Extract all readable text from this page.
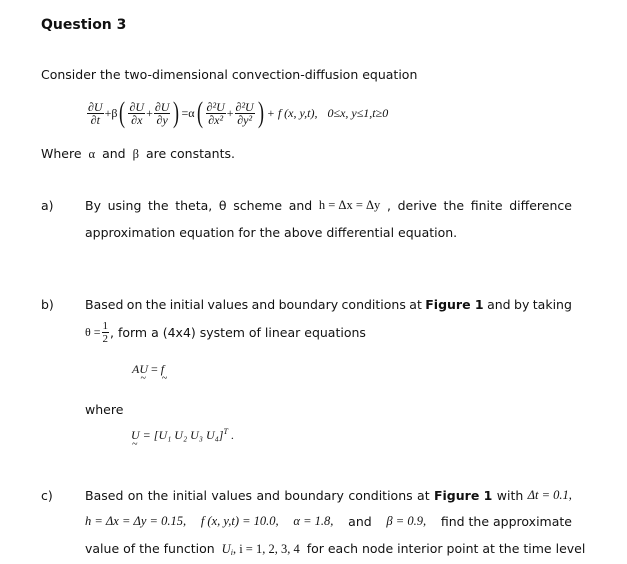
Question 3
Consider the two-dimensional convection-diffusion equation
$\frac{\partial U}{\partial t} +\beta$ ( $\frac{\partial U}{\partial x} + \frac{\partial U}{\partial y}$ ) =α ( $\frac{\text{∂²U}}{\text{∂x²}} + \frac{\text{∂²U}}{\text{∂y²}}$ ) + f (x, y,t), 0≤x, y≤1,t≥0
Where α and β are constants.
a)	By using the theta, θ scheme and h = Δx = Δy , derive the finite difference
approximation equation for the above differential equation.
b) Based on the initial values and boundary conditions at Figure 1 and by taking
$\theta = \frac{1}{2}$ , form a (4x4) system of linear equations
AU ~ = f ~
where
U ~ = [U₁ U₂ U₃ U₄]$^T$ .
c)	Based on the initial values and boundary conditions at Figure 1 with Δt = 0.1,
h = Δx = Δy = 0.15, f (x, y,t) = 10.0, α = 1.8, and β = 0.9, find the approximate
value of the function $U_i$, i = 1, 2, 3, 4 for each node interior point at the time level
